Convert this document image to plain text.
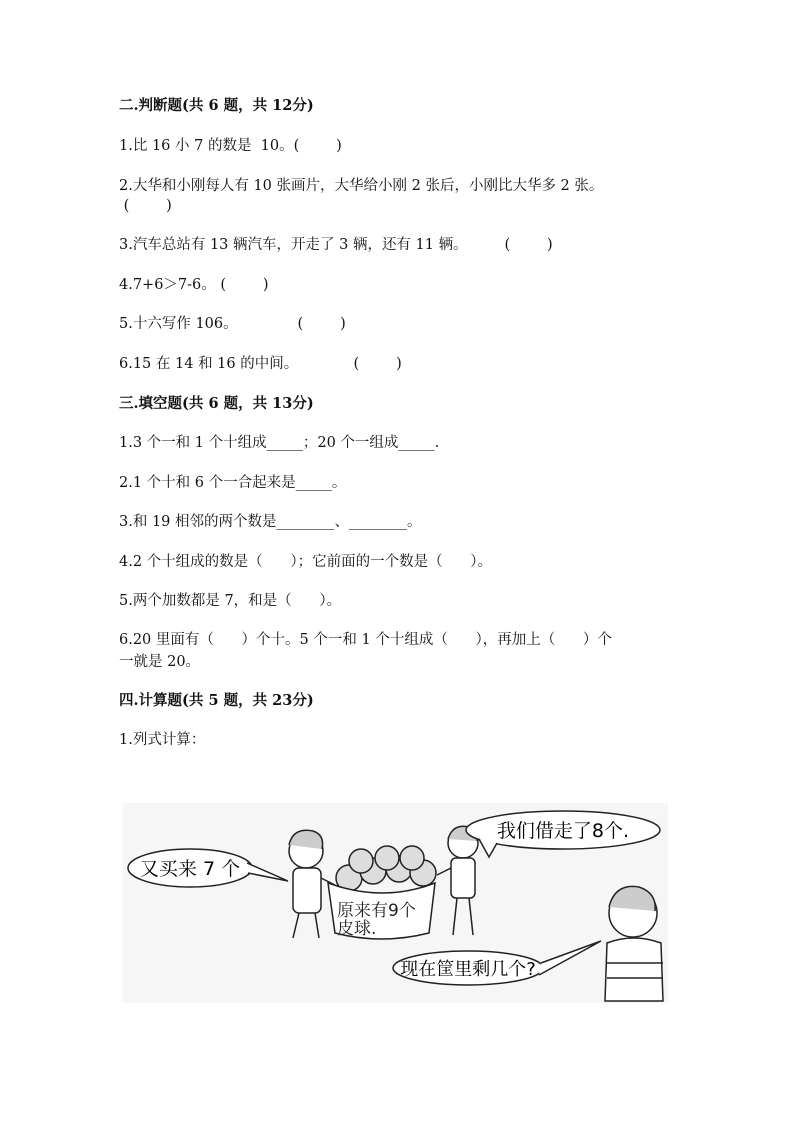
二.判断题(共 6 题，共 12分)
1.比 16 小 7 的数是  10。(        )
2.大华和小刚每人有 10 张画片，大华给小刚 2 张后，小刚比大华多 2 张。
(        )
3.汽车总站有 13 辆汽车，开走了 3 辆，还有 11 辆。        (        )
4.7+6＞7-6。 (        )
5.十六写作 106。             (        )
6.15 在 14 和 16 的中间。            (        )
三.填空题(共 6 题，共 13分)
1.3 个一和 1 个十组成_____；20 个一组成_____.
2.1 个十和 6 个一合起来是_____。
3.和 19 相邻的两个数是________、________。
4.2 个十组成的数是（      ）；它前面的一个数是（      ）。
5.两个加数都是 7，和是（      ）。
6.20 里面有（      ）个十。5 个一和 1 个十组成（      ），再加上（      ）个
一就是 20。
四.计算题(共 5 题，共 23分)
1.列式计算：
又买来 7 个
原来有9个
皮球.
我们借走了8个.
现在筐里剩几个?
